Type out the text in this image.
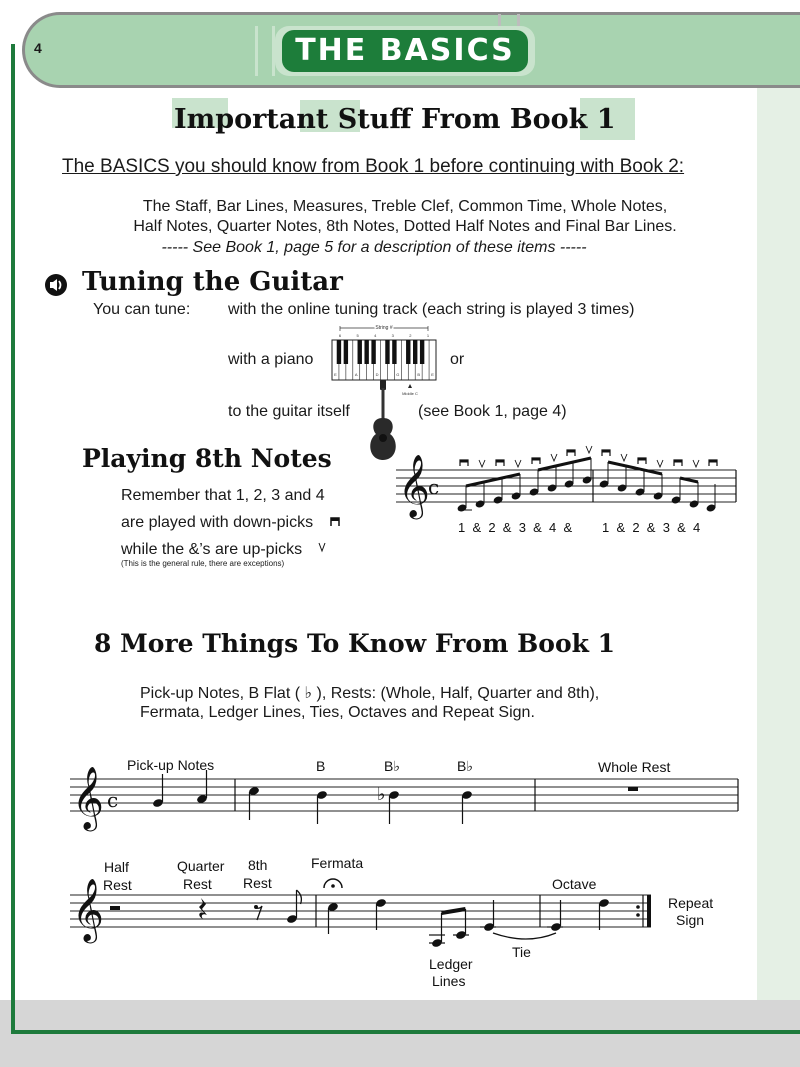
4	THE BASICS
Important Stuff From Book 1
The BASICS you should know from Book 1 before continuing with Book 2:
The Staff, Bar Lines, Measures, Treble Clef, Common Time, Whole Notes,
Half Notes, Quarter Notes, 8th Notes, Dotted Half Notes and Final Bar Lines.
----- See Book 1, page 5 for a description of these items -----
Tuning the Guitar
You can tune: with the online tuning track (each string is played 3 times)
with a piano	or
to the guitar itself	(see Book 1, page 4)
String #
6	5	4	3	2	1
E	A	D	G	B	E
Middle C
Playing 8th Notes
Remember that 1, 2, 3 and 4
are played with down-picks
while the &’s are up-picks
(This is the general rule, there are exceptions)
𝄞
c
1  &  2  &  3  &  4  & 1  &  2  &  3  &  4
8 More Things To Know From Book 1
Pick-up Notes, B Flat ( ♭ ), Rests: (Whole, Half, Quarter and 8th),
Fermata, Ledger Lines, Ties, Octaves and Repeat Sign.
Pick-up Notes	B	B♭	B♭	Whole Rest
𝄞 c	♭
Half
Rest
Quarter
Rest
8th
Rest
Fermata
Octave
Repeat
Sign
Tie
Ledger
Lines
𝄞
